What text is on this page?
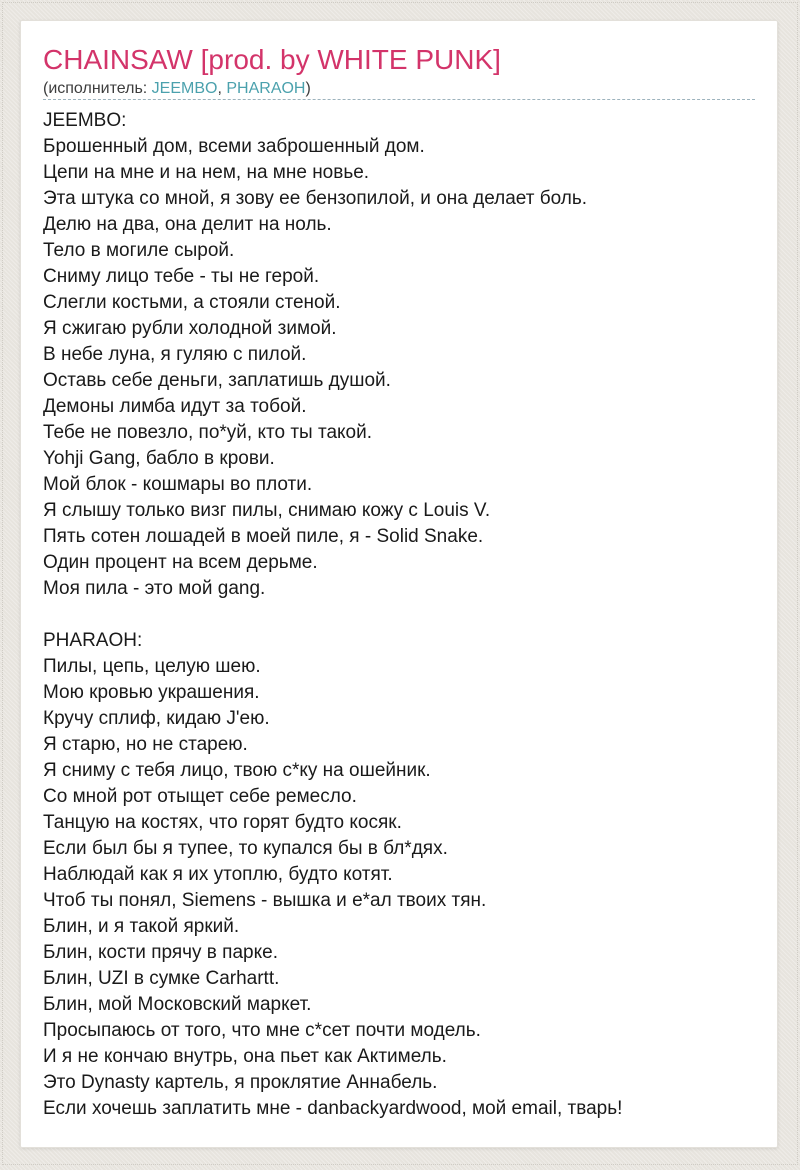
CHAINSAW [prod. by WHITE PUNK]
(исполнитель: JEEMBO, PHARAOH)
JEEMBO:
Брошенный дом, всеми заброшенный дом.
Цепи на мне и на нем, на мне новье.
Эта штука со мной, я зову ее бензопилой, и она делает боль.
Делю на два, она делит на ноль.
Тело в могиле сырой.
Сниму лицо тебе - ты не герой.
Слегли костьми, а стояли стеной.
Я сжигаю рубли холодной зимой.
В небе луна, я гуляю с пилой.
Оставь себе деньги, заплатишь душой.
Демоны лимба идут за тобой.
Тебе не повезло, по*уй, кто ты такой.
Yohji Gang, бабло в крови.
Мой блок - кошмары во плоти.
Я слышу только визг пилы, снимаю кожу с Louis V.
Пять сотен лошадей в моей пиле, я - Solid Snake.
Один процент на всем дерьме.
Моя пила - это мой gang.
PHARAOH:
Пилы, цепь, целую шею.
Мою кровью украшения.
Кручу сплиф, кидаю J'ею.
Я старю, но не старею.
Я сниму с тебя лицо, твою с*ку на ошейник.
Со мной рот отыщет себе ремесло.
Танцую на костях, что горят будто косяк.
Если был бы я тупее, то купался бы в бл*дях.
Наблюдай как я их утоплю, будто котят.
Чтоб ты понял, Siemens - вышка и е*ал твоих тян.
Блин, и я такой яркий.
Блин, кости прячу в парке.
Блин, UZI в сумке Carhartt.
Блин, мой Московский маркет.
Просыпаюсь от того, что мне с*сет почти модель.
И я не кончаю внутрь, она пьет как Актимель.
Это Dynasty картель, я проклятие Аннабель.
Если хочешь заплатить мне - danbackyardwood, мой email, тварь!
